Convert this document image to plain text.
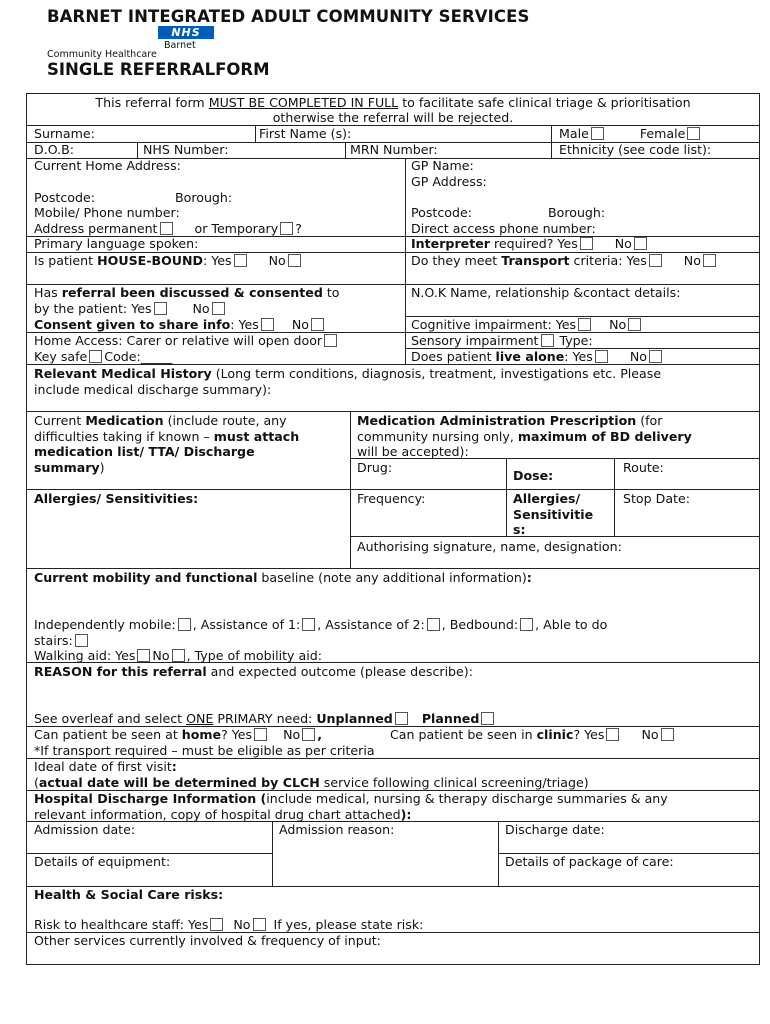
BARNET INTEGRATED ADULT COMMUNITY SERVICES
NHS
Barnet
Community Healthcare
SINGLE REFERRALFORM
This referral form MUST BE COMPLETED IN FULL to facilitate safe clinical triage & prioritisation
otherwise the referral will be rejected.
Surname:	First Name (s):	Male	Female
D.O.B:	NHS Number:	MRN Number:	Ethnicity (see code list):
Current Home Address:
Postcode:	Borough:
Mobile/ Phone number:
Address permanent	or Temporary ?
Primary language spoken:
Is patient HOUSE-BOUND: Yes	No
GP Name:
GP Address:
Postcode:	Borough:
Direct access phone number:
Interpreter required? Yes	No
Do they meet Transport criteria: Yes	No
Has referral been discussed & consented to
by the patient: Yes	No
Consent given to share info: Yes	No
Home Access: Carer or relative will open door
Key safe Code:_____
N.O.K Name, relationship &contact details:
Cognitive impairment: Yes	No
Sensory impairment Type:
Does patient live alone: Yes	No
Relevant Medical History (Long term conditions, diagnosis, treatment, investigations etc. Please
include medical discharge summary):
Current Medication (include route, any
difficulties taking if known – must attach
medication list/ TTA/ Discharge
summary)
Allergies/ Sensitivities:
Medication Administration Prescription (for
community nursing only, maximum of BD delivery
will be accepted):
Drug:
Dose:
Route:
Frequency:	Allergies/
Sensitivitie
s:
Stop Date:
Authorising signature, name, designation:
Current mobility and functional baseline (note any additional information):
Independently mobile: , Assistance of 1: , Assistance of 2: , Bedbound: , Able to do
stairs:
Walking aid: Yes No , Type of mobility aid:
REASON for this referral and expected outcome (please describe):
See overleaf and select ONE PRIMARY need: Unplanned Planned
Can patient be seen at home? Yes No ,	Can patient be seen in clinic? Yes	No
*If transport required – must be eligible as per criteria
Ideal date of first visit:
(actual date will be determined by CLCH service following clinical screening/triage)
Hospital Discharge Information (include medical, nursing & therapy discharge summaries & any
relevant information, copy of hospital drug chart attached):
Admission date:	Admission reason:	Discharge date:
Details of equipment:	Details of package of care:
Health & Social Care risks:
Risk to healthcare staff: Yes No If yes, please state risk:
Other services currently involved & frequency of input:
